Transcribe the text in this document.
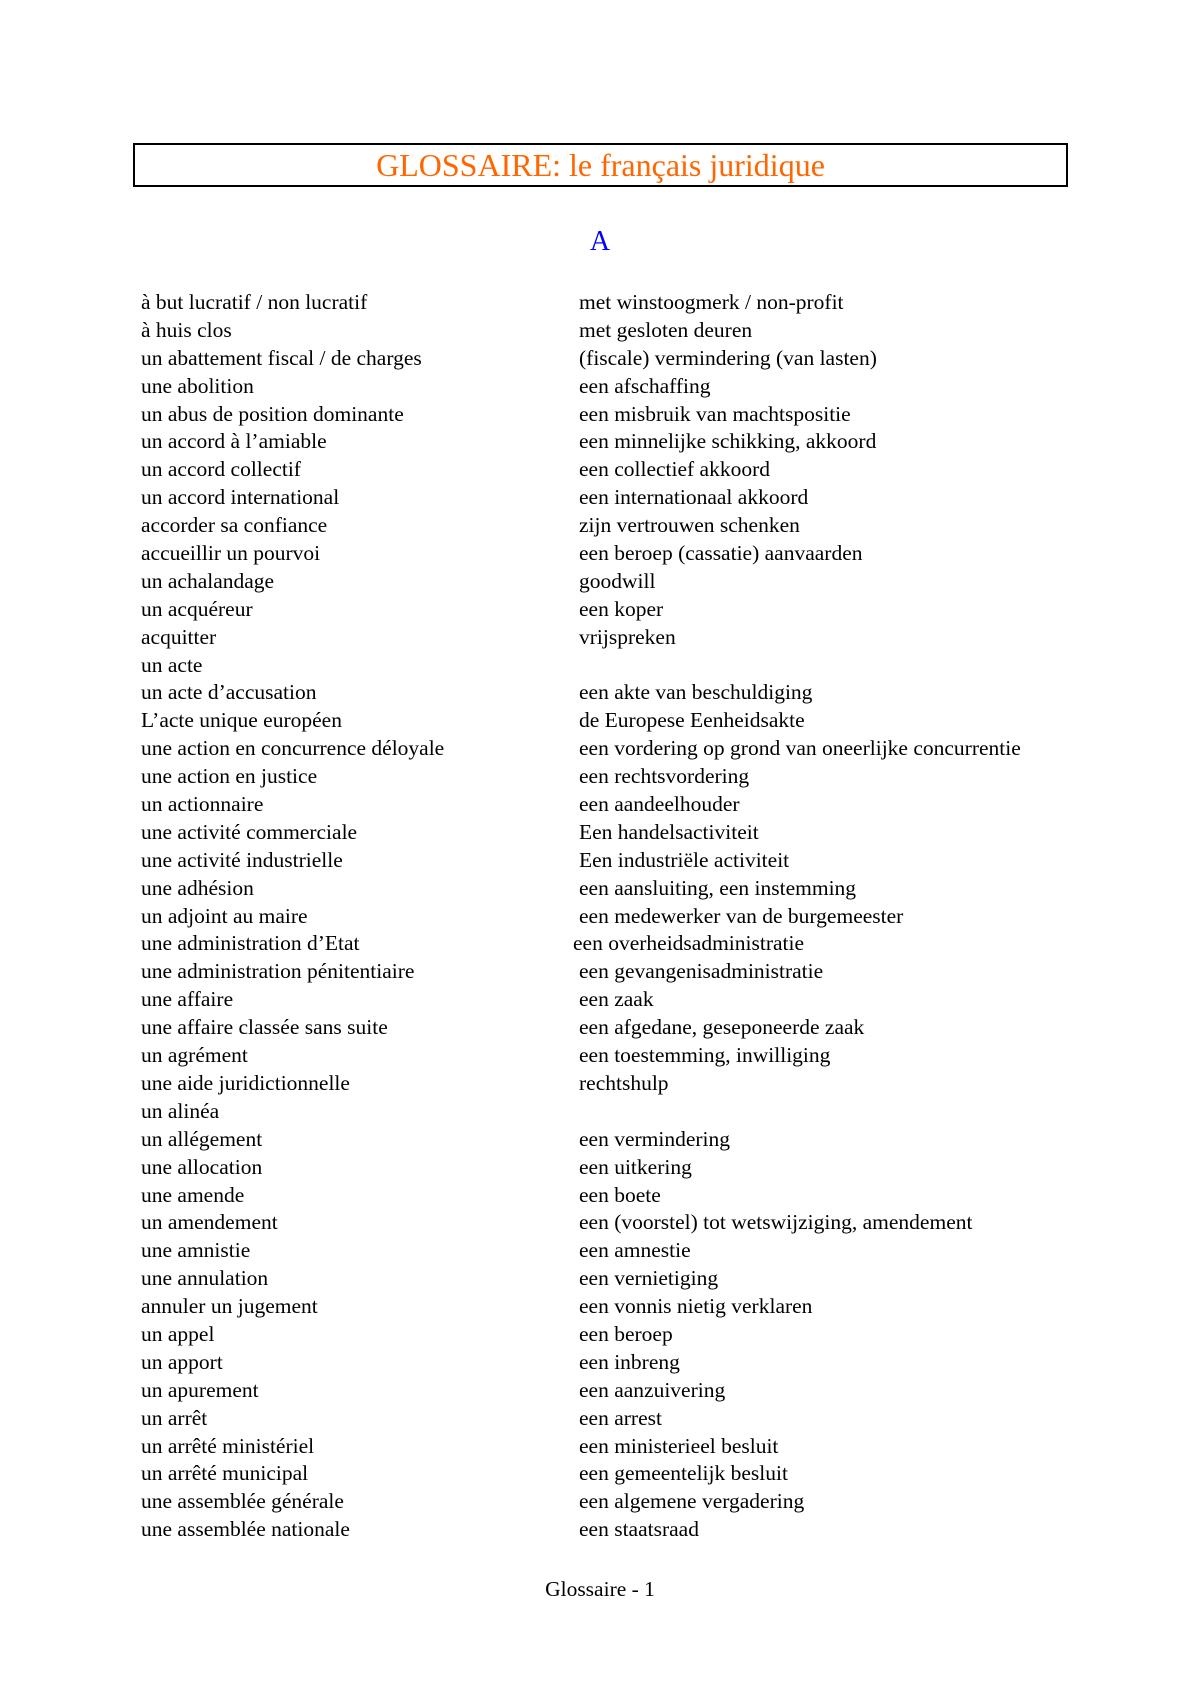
GLOSSAIRE: le français juridique
A
à but lucratif / non lucratif	met winstoogmerk / non-profit
à huis clos	met gesloten deuren
un abattement fiscal / de charges	(fiscale) vermindering (van lasten)
une abolition	een afschaffing
un abus de position dominante	een misbruik van machtspositie
un accord à l’amiable	een minnelijke schikking, akkoord
un accord collectif	een collectief akkoord
un accord international	een internationaal akkoord
accorder sa confiance	zijn vertrouwen schenken
accueillir un pourvoi	een beroep (cassatie) aanvaarden
un achalandage	goodwill
un acquéreur	een koper
acquitter	vrijspreken
un acte
un acte d’accusation	een akte van beschuldiging
L’acte unique européen	de Europese Eenheidsakte
une action en concurrence déloyale	een vordering op grond van oneerlijke concurrentie
une action en justice	een rechtsvordering
un actionnaire	een aandeelhouder
une activité commerciale	Een handelsactiviteit
une activité industrielle	Een industriële activiteit
une adhésion	een aansluiting, een instemming
un adjoint au maire	een medewerker van de burgemeester
une administration d’Etat	een overheidsadministratie
une administration pénitentiaire	een gevangenisadministratie
une affaire	een zaak
une affaire classée sans suite	een afgedane, geseponeerde zaak
un agrément	een toestemming, inwilliging
une aide juridictionnelle	rechtshulp
un alinéa
un allégement	een vermindering
une allocation	een uitkering
une amende	een boete
un amendement	een (voorstel) tot wetswijziging, amendement
une amnistie	een amnestie
une annulation	een vernietiging
annuler un jugement	een vonnis nietig verklaren
un appel	een beroep
un apport	een inbreng
un apurement	een aanzuivering
un arrêt	een arrest
un arrêté ministériel	een ministerieel besluit
un arrêté municipal	een gemeentelijk besluit
une assemblée générale	een algemene vergadering
une assemblée nationale	een staatsraad
Glossaire - 1
